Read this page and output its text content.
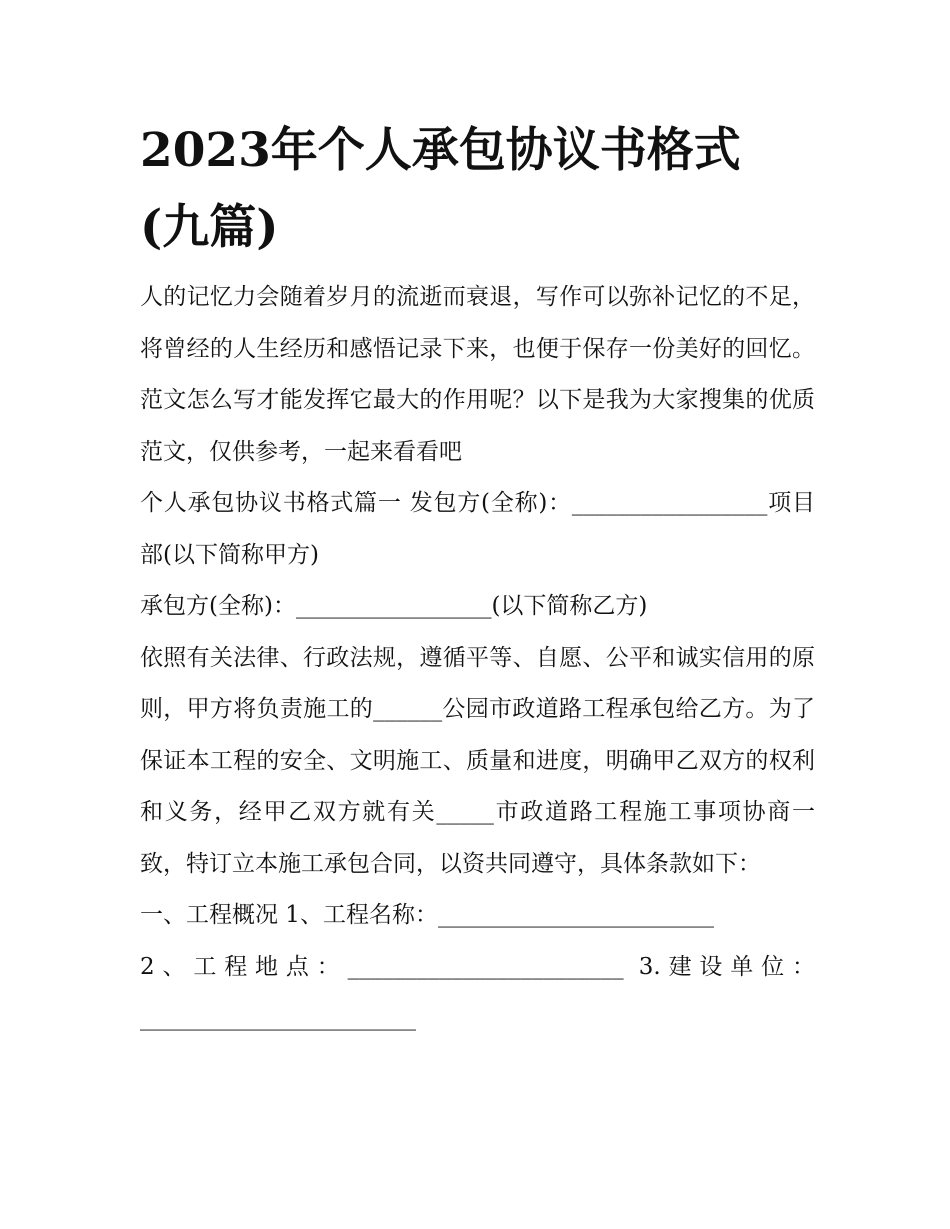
2023年个人承包协议书格式
(九篇)

人的记忆力会随着岁月的流逝而衰退，写作可以弥补记忆的不足，将曾经的人生经历和感悟记录下来，也便于保存一份美好的回忆。范文怎么写才能发挥它最大的作用呢？以下是我为大家搜集的优质范文，仅供参考，一起来看看吧

个人承包协议书格式篇一 发包方(全称)：_________________项目部(以下简称甲方)

承包方(全称)：_________________(以下简称乙方)

依照有关法律、行政法规，遵循平等、自愿、公平和诚实信用的原则，甲方将负责施工的______公园市政道路工程承包给乙方。为了保证本工程的安全、文明施工、质量和进度，明确甲乙双方的权利和义务，经甲乙双方就有关_____市政道路工程施工事项协商一致，特订立本施工承包合同，以资共同遵守，具体条款如下：

一、工程概况 1、工程名称：________________________

2、工程地点：________________________ 3.建设单位：________________________
